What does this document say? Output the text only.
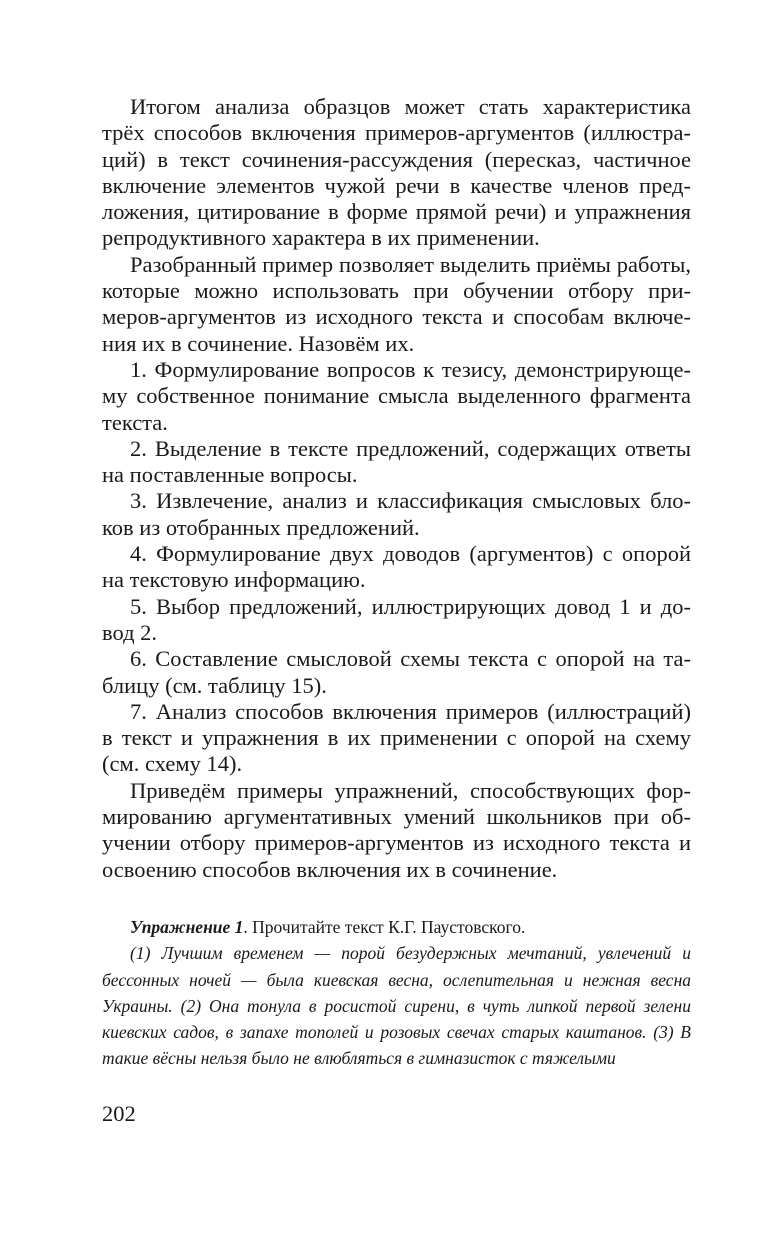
Итогом анализа образцов может стать характеристика трёх способов включения примеров-аргументов (иллюстраций) в текст сочинения-рассуждения (пересказ, частичное включение элементов чужой речи в качестве членов предложения, цитирование в форме прямой речи) и упражнения репродуктивного характера в их применении.

Разобранный пример позволяет выделить приёмы работы, которые можно использовать при обучении отбору примеров-аргументов из исходного текста и способам включения их в сочинение. Назовём их.

1. Формулирование вопросов к тезису, демонстрирующему собственное понимание смысла выделенного фрагмента текста.

2. Выделение в тексте предложений, содержащих ответы на поставленные вопросы.

3. Извлечение, анализ и классификация смысловых блоков из отобранных предложений.

4. Формулирование двух доводов (аргументов) с опорой на текстовую информацию.

5. Выбор предложений, иллюстрирующих довод 1 и довод 2.

6. Составление смысловой схемы текста с опорой на таблицу (см. таблицу 15).

7. Анализ способов включения примеров (иллюстраций) в текст и упражнения в их применении с опорой на схему (см. схему 14).

Приведём примеры упражнений, способствующих формированию аргументативных умений школьников при обучении отбору примеров-аргументов из исходного текста и освоению способов включения их в сочинение.

Упражнение 1. Прочитайте текст К.Г. Паустовского.

(1) Лучшим временем — порой безудержных мечтаний, увлечений и бессонных ночей — была киевская весна, ослепительная и нежная весна Украины. (2) Она тонула в росистой сирени, в чуть липкой первой зелени киевских садов, в запахе тополей и розовых свечах старых каштанов. (3) В такие вёсны нельзя было не влюбляться в гимназисток с тяжелыми

202
